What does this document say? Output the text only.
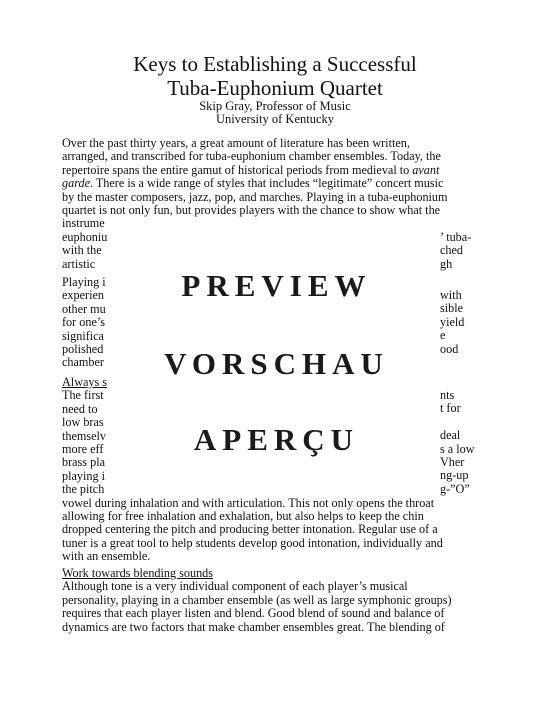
Keys to Establishing a Successful
Tuba-Euphonium Quartet
Skip Gray, Professor of Music
University of Kentucky
Over the past thirty years, a great amount of literature has been written,
arranged, and transcribed for tuba-euphonium chamber ensembles. Today, the
repertoire spans the entire gamut of historical periods from medieval to avant
garde. There is a wide range of styles that includes “legitimate” concert music
by the master composers, jazz, pop, and marches. Playing in a tuba-euphonium
quartet is not only fun, but provides players with the chance to show what the
instrume
euphoniu
with the
artistic
’ tuba-
ched
gh
Playing i
experien
other mu
for one’s
significa
polished
chamber
with
sible
yield
e
ood
Always s
The first
need to
low bras
themselv
more eff
brass pla
playing i
the pitch
vowel during inhalation and with articulation. This not only opens the throat
allowing for free inhalation and exhalation, but also helps to keep the chin
dropped centering the pitch and producing better intonation. Regular use of a
tuner is a great tool to help students develop good intonation, individually and
with an ensemble.
nts
t for

deal
s a low
Vher
ng-up
g-”O”
Work towards blending sounds
Although tone is a very individual component of each player’s musical
personality, playing in a chamber ensemble (as well as large symphonic groups)
requires that each player listen and blend. Good blend of sound and balance of
dynamics are two factors that make chamber ensembles great. The blending of
PREVIEW
VORSCHAU
APERÇU
